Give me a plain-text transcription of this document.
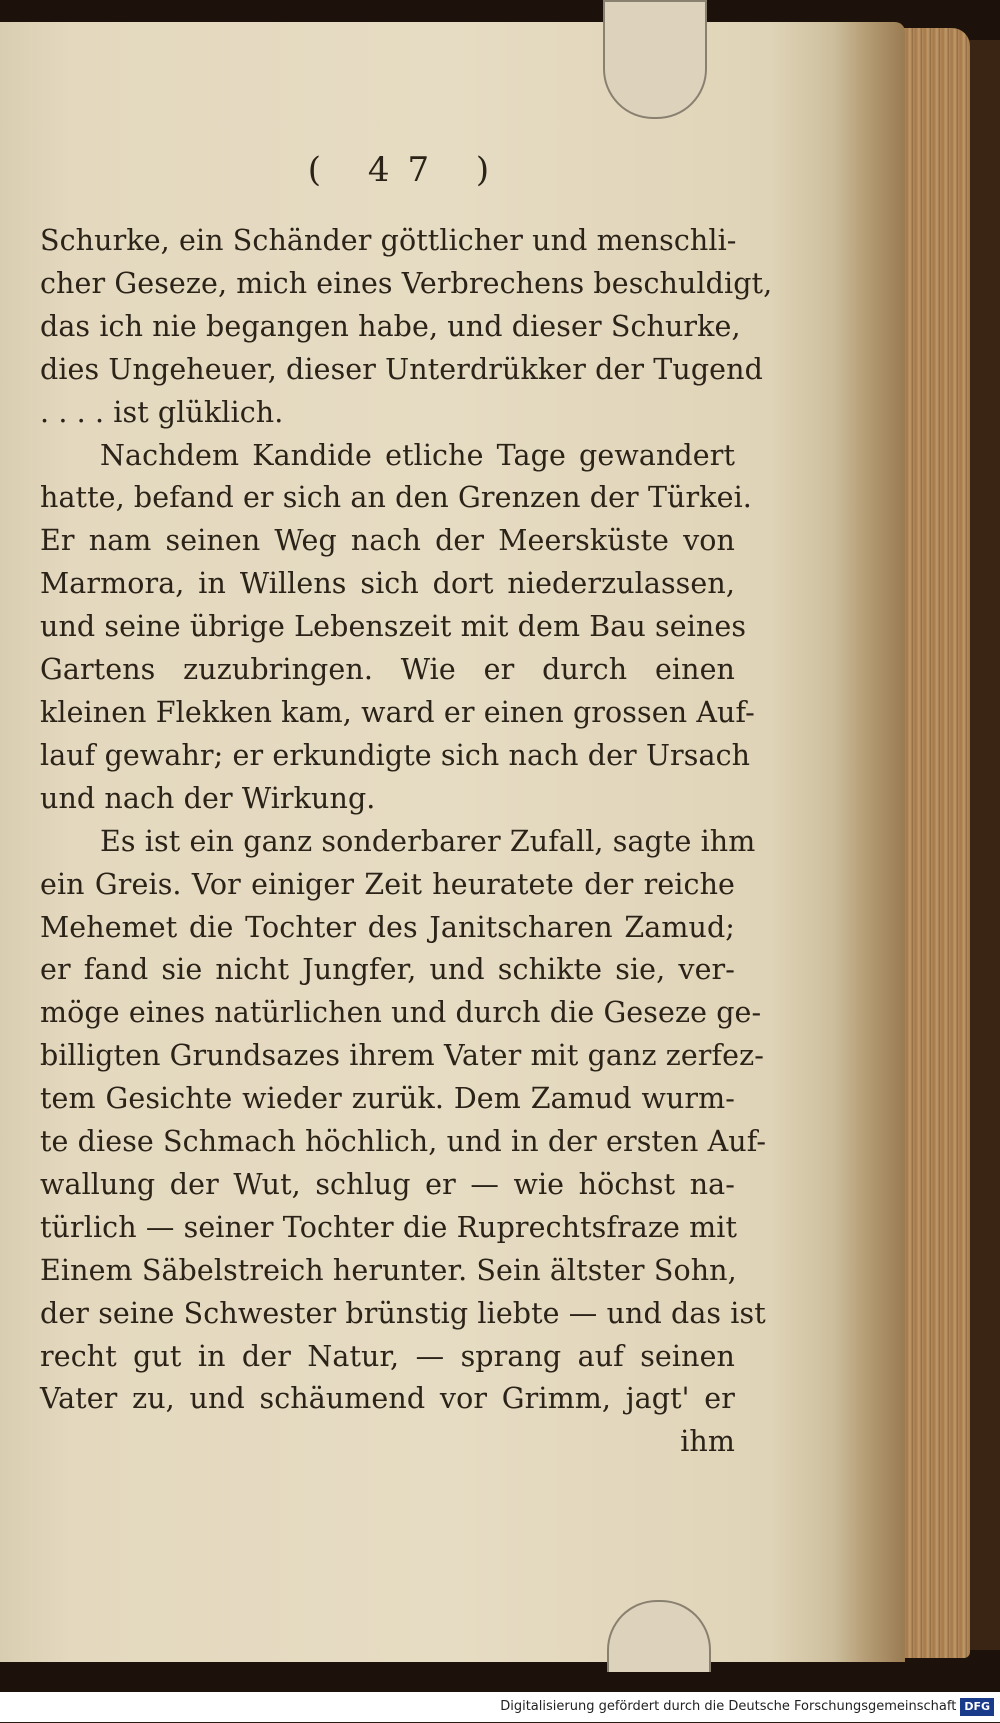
( 47 )
Schurke, ein Schänder göttlicher und menschli-
cher Geseze, mich eines Verbrechens beschuldigt,
das ich nie begangen habe, und dieser Schurke,
dies Ungeheuer, dieser Unterdrükker der Tugend
. . . . ist glüklich.
Nachdem Kandide etliche Tage gewandert
hatte, befand er sich an den Grenzen der Türkei.
Er nam seinen Weg nach der Meersküste von
Marmora, in Willens sich dort niederzulassen,
und seine übrige Lebenszeit mit dem Bau seines
Gartens zuzubringen. Wie er durch einen
kleinen Flekken kam, ward er einen grossen Auf-
lauf gewahr; er erkundigte sich nach der Ursach
und nach der Wirkung.
Es ist ein ganz sonderbarer Zufall, sagte ihm
ein Greis. Vor einiger Zeit heuratete der reiche
Mehemet die Tochter des Janitscharen Zamud;
er fand sie nicht Jungfer, und schikte sie, ver-
möge eines natürlichen und durch die Geseze ge-
billigten Grundsazes ihrem Vater mit ganz zerfez-
tem Gesichte wieder zurük. Dem Zamud wurm-
te diese Schmach höchlich, und in der ersten Auf-
wallung der Wut, schlug er — wie höchst na-
türlich — seiner Tochter die Ruprechtsfraze mit
Einem Säbelstreich herunter. Sein ältster Sohn,
der seine Schwester brünstig liebte — und das ist
recht gut in der Natur, — sprang auf seinen
Vater zu, und schäumend vor Grimm, jagt' er
ihm
Digitalisierung gefördert durch die Deutsche Forschungsgemeinschaft DFG
